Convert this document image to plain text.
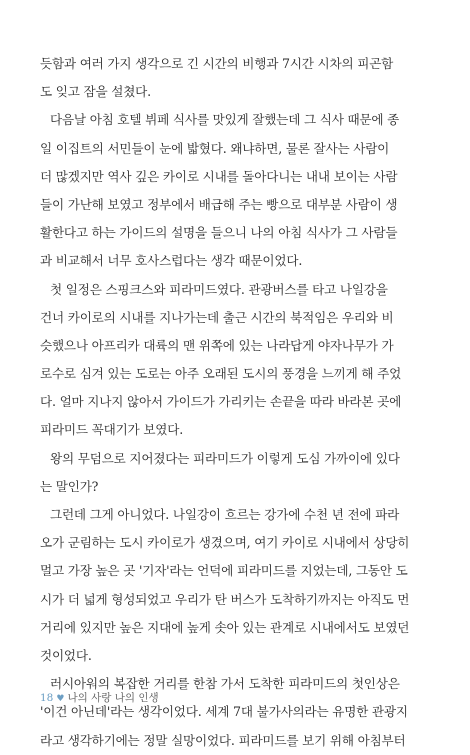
듯함과 여러 가지 생각으로 긴 시간의 비행과 7시간 시차의 피곤함
도 잊고 잠을 설쳤다.
다음날 아침 호텔 뷔페 식사를 맛있게 잘했는데 그 식사 때문에 종
일 이집트의 서민들이 눈에 밟혔다. 왜냐하면, 물론 잘사는 사람이
더 많겠지만 역사 깊은 카이로 시내를 돌아다니는 내내 보이는 사람
들이 가난해 보였고 정부에서 배급해 주는 빵으로 대부분 사람이 생
활한다고 하는 가이드의 설명을 들으니 나의 아침 식사가 그 사람들
과 비교해서 너무 호사스럽다는 생각 때문이었다.
첫 일정은 스핑크스와 피라미드였다. 관광버스를 타고 나일강을
건너 카이로의 시내를 지나가는데 출근 시간의 북적임은 우리와 비
슷했으나 아프리카 대륙의 맨 위쪽에 있는 나라답게 야자나무가 가
로수로 심겨 있는 도로는 아주 오래된 도시의 풍경을 느끼게 해 주었
다. 얼마 지나지 않아서 가이드가 가리키는 손끝을 따라 바라본 곳에
피라미드 꼭대기가 보였다.
왕의 무덤으로 지어졌다는 피라미드가 이렇게 도심 가까이에 있다
는 말인가?
그런데 그게 아니었다. 나일강이 흐르는 강가에 수천 년 전에 파라
오가 군림하는 도시 카이로가 생겼으며, 여기 카이로 시내에서 상당히
멀고 가장 높은 곳 '기자'라는 언덕에 피라미드를 지었는데, 그동안 도
시가 더 넓게 형성되었고 우리가 탄 버스가 도착하기까지는 아직도 먼
거리에 있지만 높은 지대에 높게 솟아 있는 관계로 시내에서도 보였던
것이었다.
러시아워의 복잡한 거리를 한참 가서 도착한 피라미드의 첫인상은
'이건 아닌데'라는 생각이었다. 세계 7대 불가사의라는 유명한 관광지
라고 생각하기에는 정말 실망이었다. 피라미드를 보기 위해 아침부터
18 ♥ 나의 사랑 나의 인생
